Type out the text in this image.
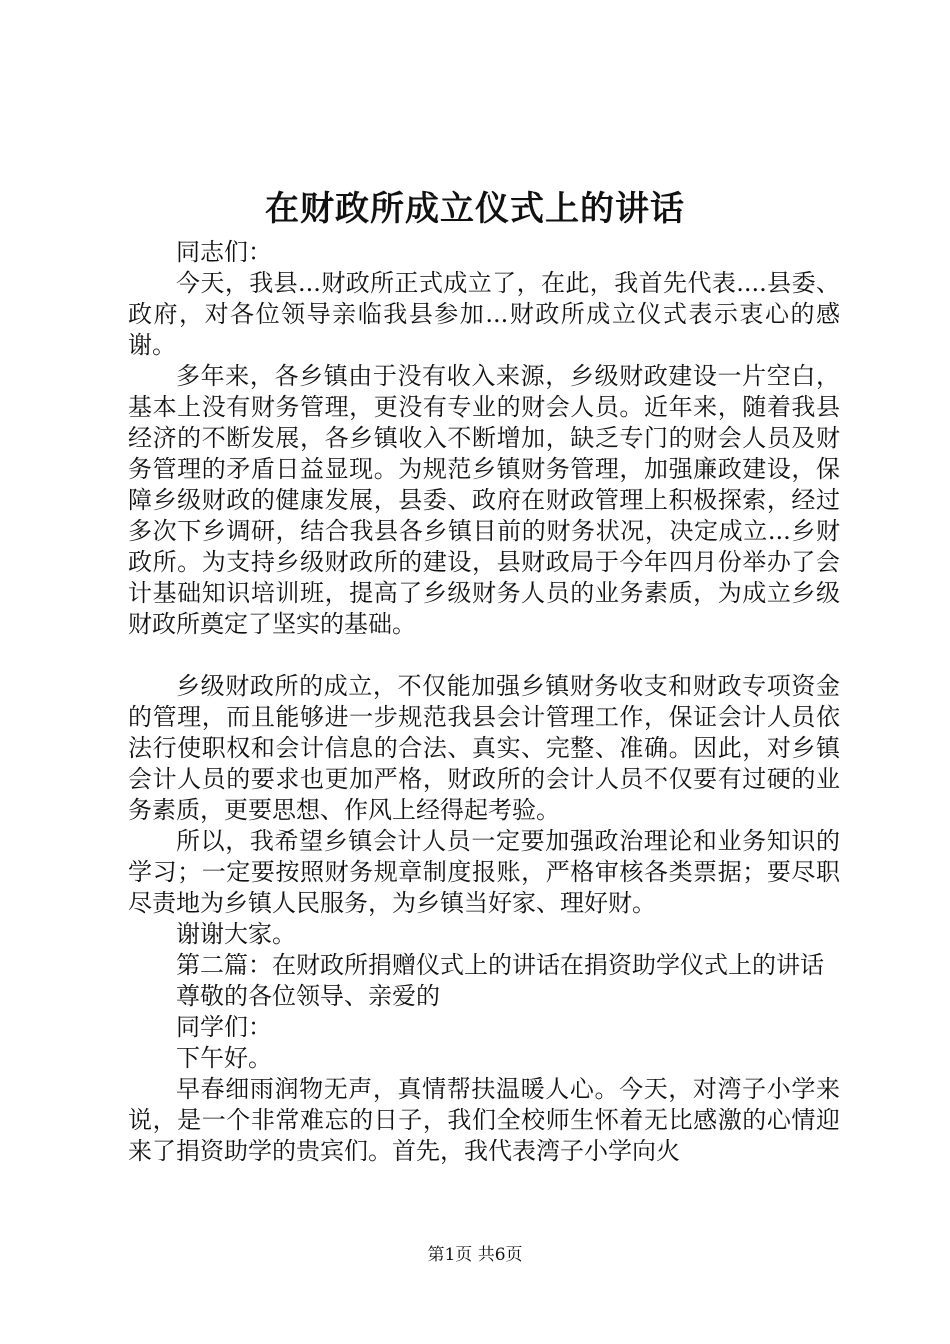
在财政所成立仪式上的讲话

同志们：

今天，我县...财政所正式成立了，在此，我首先代表....县委、政府，对各位领导亲临我县参加...财政所成立仪式表示衷心的感谢。

多年来，各乡镇由于没有收入来源，乡级财政建设一片空白，基本上没有财务管理，更没有专业的财会人员。近年来，随着我县经济的不断发展，各乡镇收入不断增加，缺乏专门的财会人员及财务管理的矛盾日益显现。为规范乡镇财务管理，加强廉政建设，保障乡级财政的健康发展，县委、政府在财政管理上积极探索，经过多次下乡调研，结合我县各乡镇目前的财务状况，决定成立...乡财政所。为支持乡级财政所的建设，县财政局于今年四月份举办了会计基础知识培训班，提高了乡级财务人员的业务素质，为成立乡级财政所奠定了坚实的基础。

乡级财政所的成立，不仅能加强乡镇财务收支和财政专项资金的管理，而且能够进一步规范我县会计管理工作，保证会计人员依法行使职权和会计信息的合法、真实、完整、准确。因此，对乡镇会计人员的要求也更加严格，财政所的会计人员不仅要有过硬的业务素质，更要思想、作风上经得起考验。

所以，我希望乡镇会计人员一定要加强政治理论和业务知识的学习；一定要按照财务规章制度报账，严格审核各类票据；要尽职尽责地为乡镇人民服务，为乡镇当好家、理好财。

谢谢大家。

第二篇：在财政所捐赠仪式上的讲话在捐资助学仪式上的讲话

尊敬的各位领导、亲爱的

同学们：

下午好。

早春细雨润物无声，真情帮扶温暖人心。今天，对湾子小学来说，是一个非常难忘的日子，我们全校师生怀着无比感激的心情迎来了捐资助学的贵宾们。首先，我代表湾子小学向火

第1页 共6页
